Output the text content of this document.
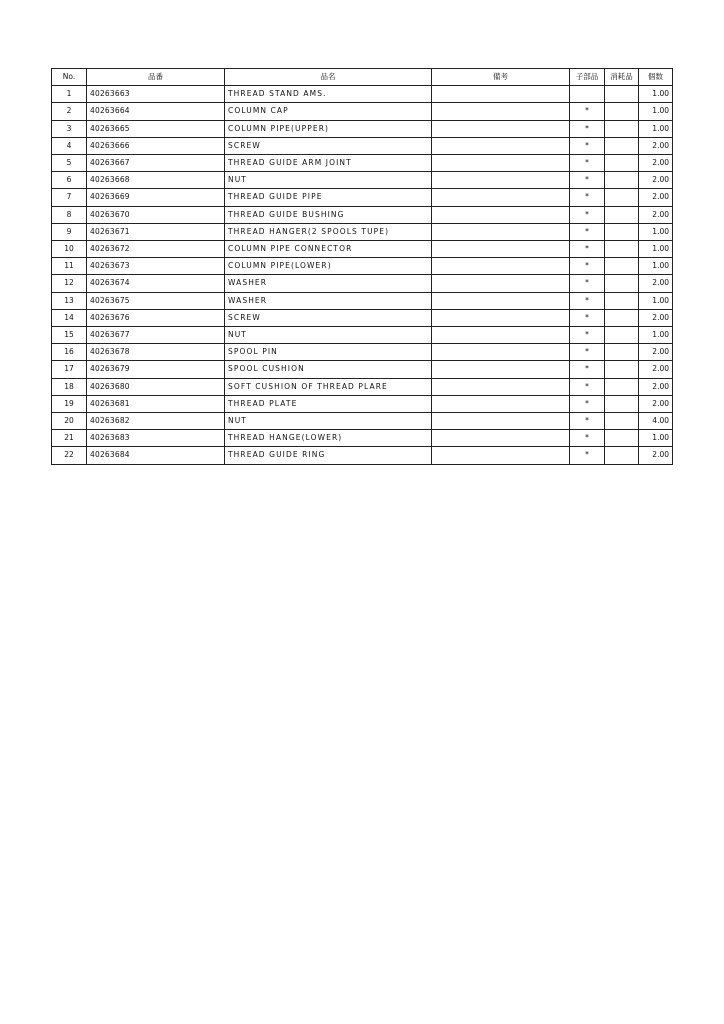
No.	品番	品名	備考	子部品	消耗品	個数
1	40263663	THREAD STAND AMS.				1.00
2	40263664	COLUMN CAP		*		1.00
3	40263665	COLUMN PIPE(UPPER)		*		1.00
4	40263666	SCREW		*		2.00
5	40263667	THREAD GUIDE ARM JOINT		*		2.00
6	40263668	NUT		*		2.00
7	40263669	THREAD GUIDE PIPE		*		2.00
8	40263670	THREAD GUIDE BUSHING		*		2.00
9	40263671	THREAD HANGER(2 SPOOLS TUPE)		*		1.00
10	40263672	COLUMN PIPE CONNECTOR		*		1.00
11	40263673	COLUMN PIPE(LOWER)		*		1.00
12	40263674	WASHER		*		2.00
13	40263675	WASHER		*		1.00
14	40263676	SCREW		*		2.00
15	40263677	NUT		*		1.00
16	40263678	SPOOL PIN		*		2.00
17	40263679	SPOOL CUSHION		*		2.00
18	40263680	SOFT CUSHION OF THREAD PLARE		*		2.00
19	40263681	THREAD PLATE		*		2.00
20	40263682	NUT		*		4.00
21	40263683	THREAD HANGE(LOWER)		*		1.00
22	40263684	THREAD GUIDE RING		*		2.00
